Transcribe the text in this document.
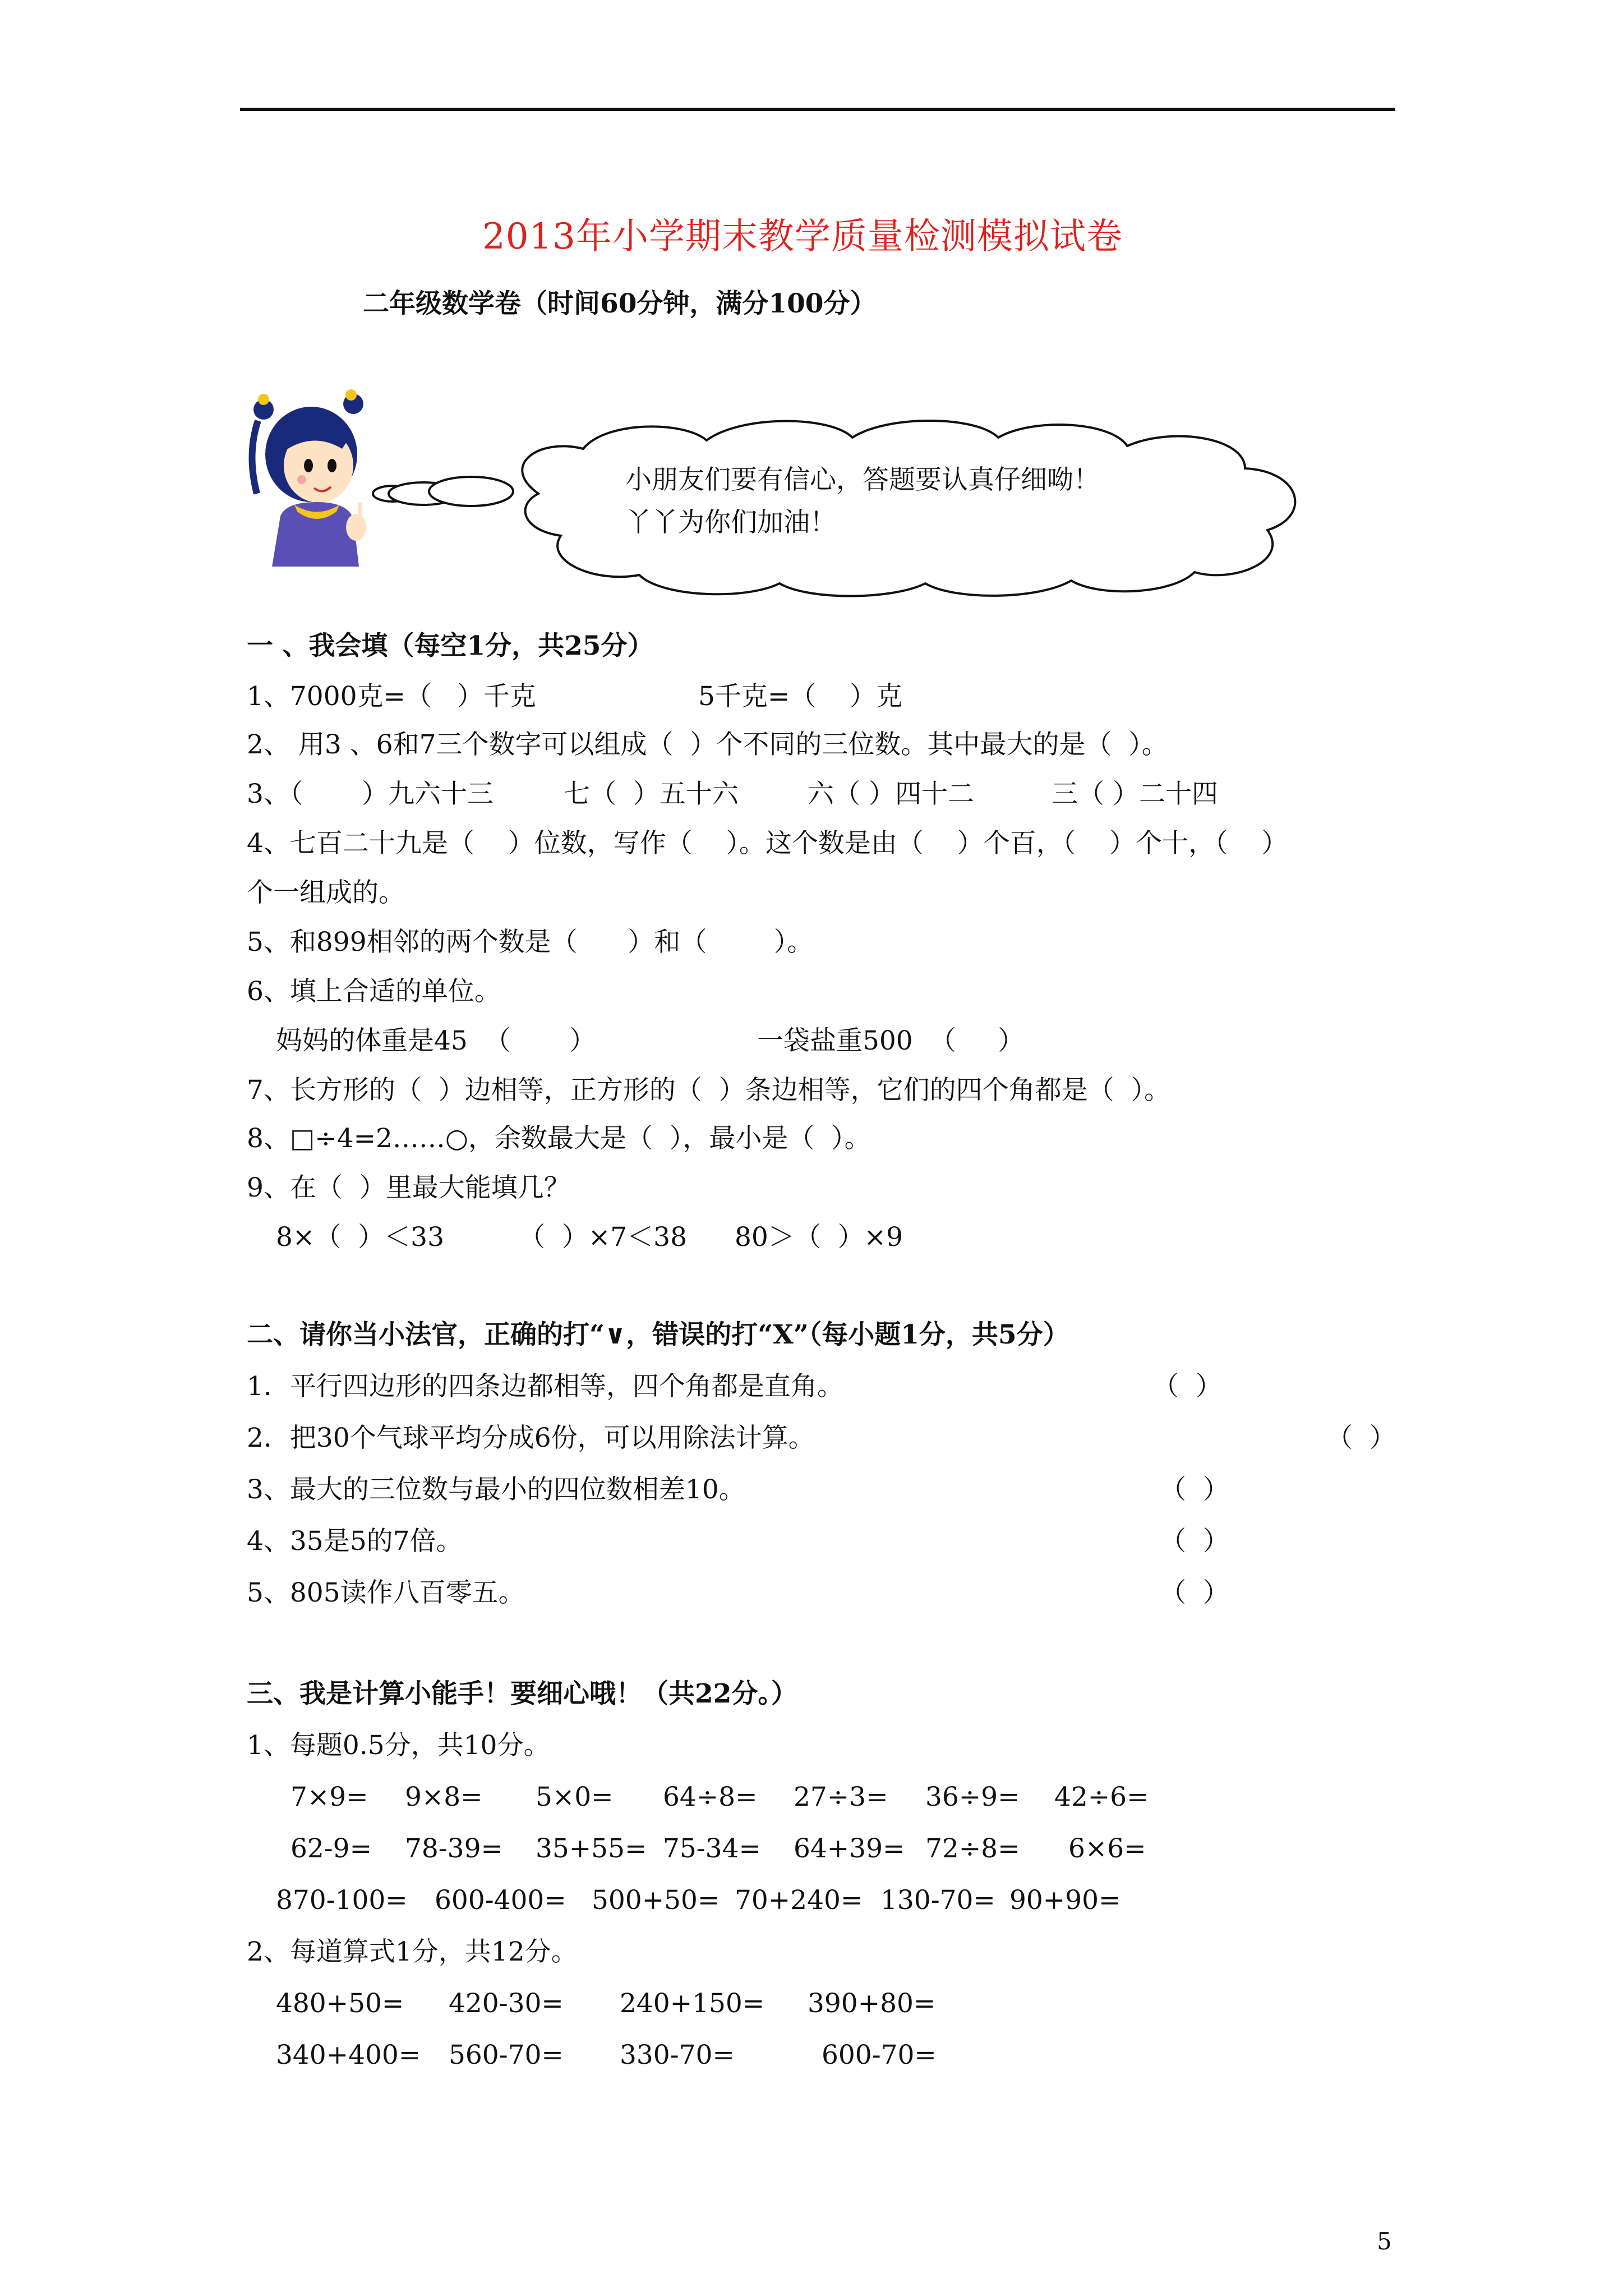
2013年小学期末教学质量检测模拟试卷
二年级数学卷（时间60分钟，满分100分）
小朋友们要有信心，答题要认真仔细呦！
丫丫为你们加油！
一 、我会填（每空1分，共25分）
1、7000克=（   ）千克	5千克=（    ）克
2、 用3 、6和7三个数字可以组成（  ）个不同的三位数。其中最大的是（  ）。
3、（       ）九六十三	七（  ）五十六	六（ ）四十二	三（ ）二十四
4、七百二十九是（    ）位数，写作（    ）。这个数是由（    ）个百，（    ）个十，（    ）
个一组成的。
5、和899相邻的两个数是（      ）和（        ）。
6、填上合适的单位。
妈妈的体重是45  （       ）	一袋盐重500  （     ）
7、长方形的（  ）边相等，正方形的（  ）条边相等，它们的四个角都是（  ）。
8、□÷4=2……○，余数最大是（  ），最小是（  ）。
9、在（  ）里最大能填几？
8×（  ）＜33	（  ）×7＜38 80＞（  ）×9
二、请你当小法官，正确的打“∨，错误的打“X”（每小题1分，共5分）
1．平行四边形的四条边都相等，四个角都是直角。	（  ）
2．把30个气球平均分成6份，可以用除法计算。	（  ）
3、最大的三位数与最小的四位数相差10。	（  ）
4、35是5的7倍。	（  ）
5、805读作八百零五。	（  ）
三、我是计算小能手！要细心哦！（共22分。）
1、每题0.5分，共10分。
7×9= 9×8= 5×0= 64÷8= 27÷3= 36÷9= 42÷6=
62-9= 78-39= 35+55= 75-34= 64+39= 72÷8= 6×6=
870-100= 600-400= 500+50= 70+240= 130-70= 90+90=
2、每道算式1分，共12分。
480+50= 420-30= 240+150= 390+80=
340+400= 560-70= 330-70=	600-70=
5
